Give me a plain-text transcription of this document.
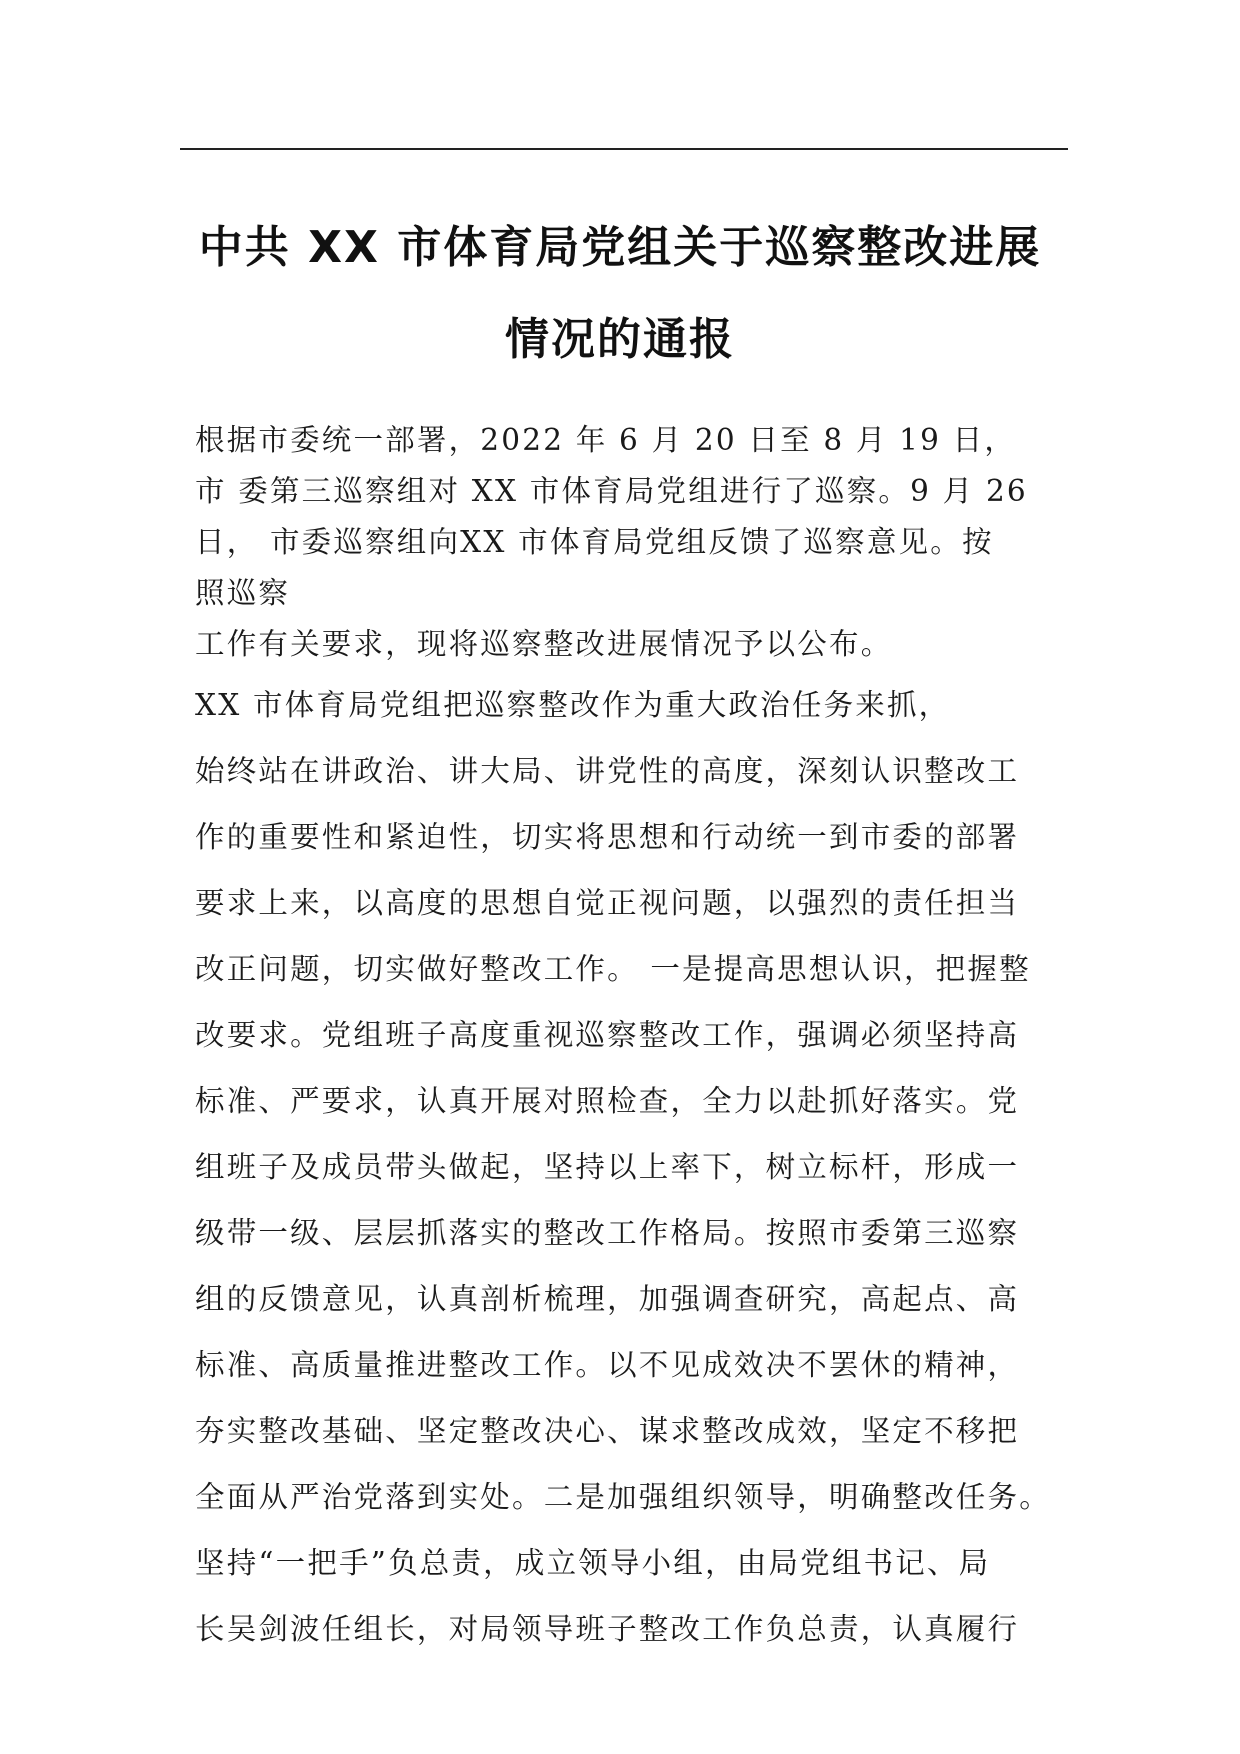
中共 XX 市体育局党组关于巡察整改进展
情况的通报
根据市委统一部署，2022 年 6 月 20 日至 8 月 19 日，
市 委第三巡察组对 XX 市体育局党组进行了巡察。9 月 26
日， 市委巡察组向XX 市体育局党组反馈了巡察意见。按
照巡察
工作有关要求，现将巡察整改进展情况予以公布。
XX 市体育局党组把巡察整改作为重大政治任务来抓，
始终站在讲政治、讲大局、讲党性的高度，深刻认识整改工
作的重要性和紧迫性，切实将思想和行动统一到市委的部署
要求上来，以高度的思想自觉正视问题，以强烈的责任担当
改正问题，切实做好整改工作。 一是提高思想认识，把握整
改要求。党组班子高度重视巡察整改工作，强调必须坚持高
标准、严要求，认真开展对照检查，全力以赴抓好落实。党
组班子及成员带头做起，坚持以上率下，树立标杆，形成一
级带一级、层层抓落实的整改工作格局。按照市委第三巡察
组的反馈意见，认真剖析梳理，加强调查研究，高起点、高
标准、高质量推进整改工作。以不见成效决不罢休的精神，
夯实整改基础、坚定整改决心、谋求整改成效，坚定不移把
全面从严治党落到实处。二是加强组织领导，明确整改任务。
坚持“一把手”负总责，成立领导小组，由局党组书记、局
长吴剑波任组长，对局领导班子整改工作负总责，认真履行
